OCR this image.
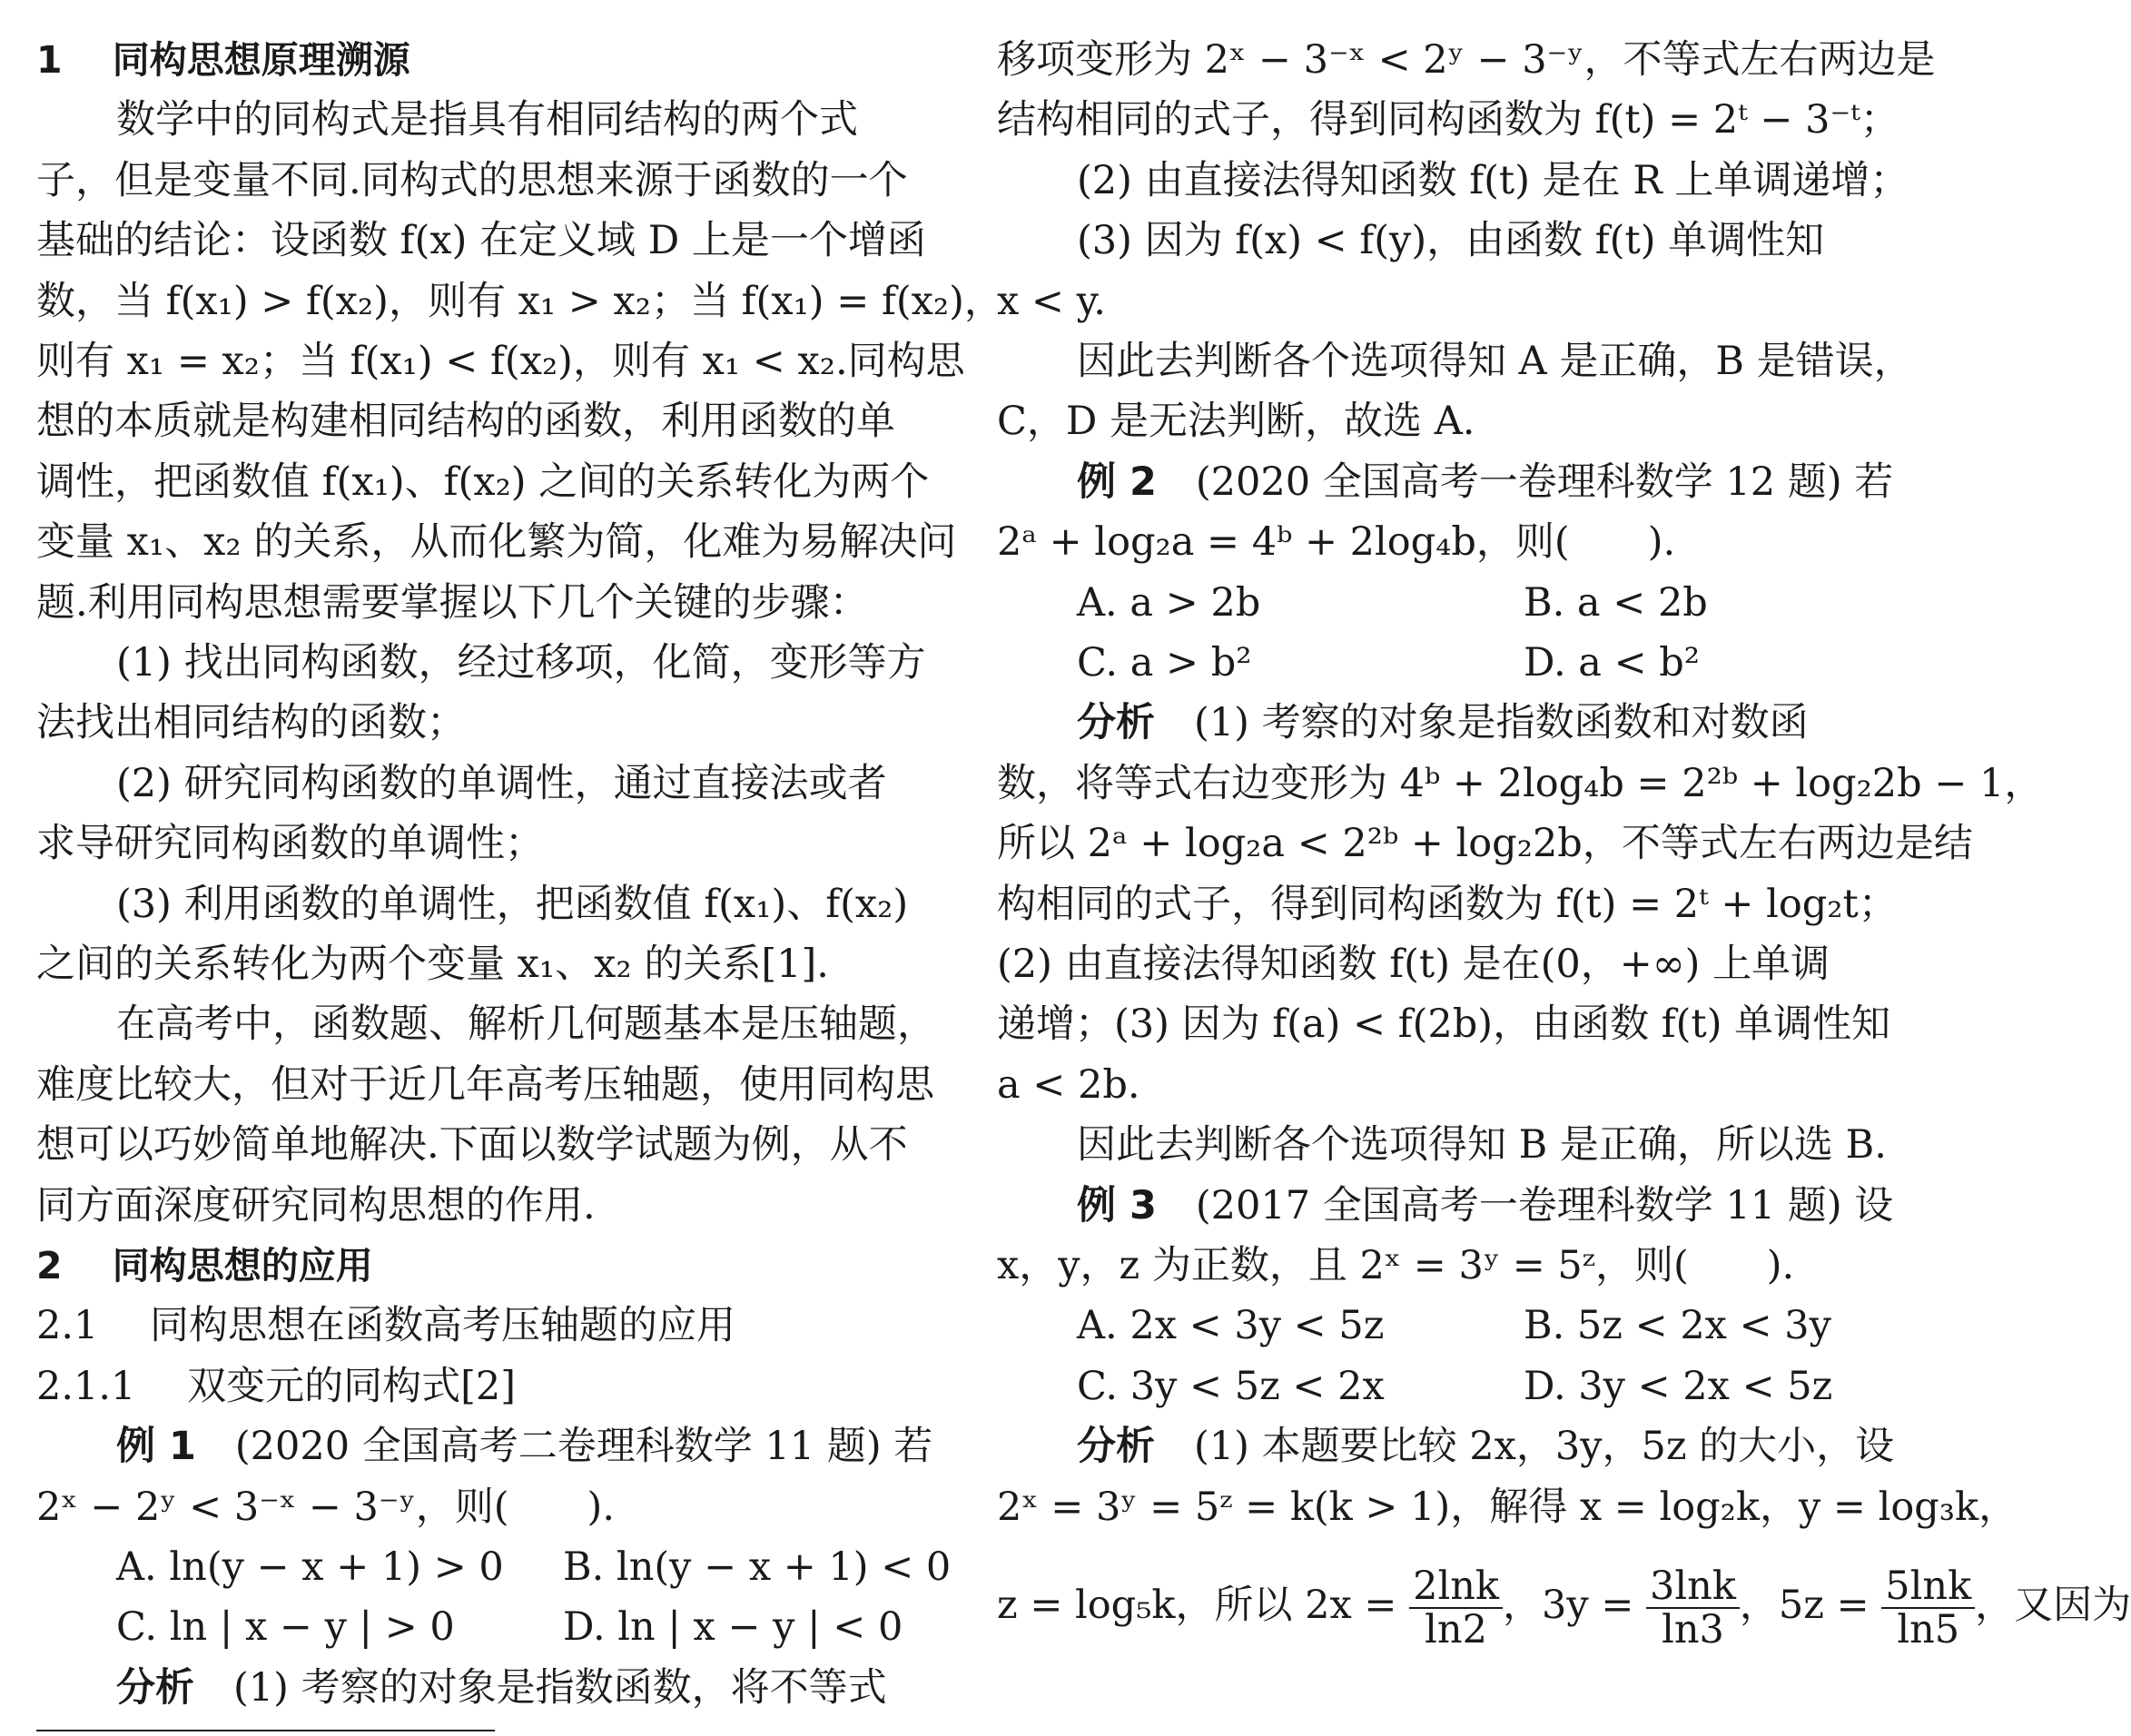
1　 同构思想原理溯源
数学中的同构式是指具有相同结构的两个式
子，但是变量不同.同构式的思想来源于函数的一个
基础的结论：设函数 f(x) 在定义域 D 上是一个增函
数，当 f(x₁) > f(x₂)，则有 x₁ > x₂；当 f(x₁) = f(x₂)，
则有 x₁ = x₂；当 f(x₁) < f(x₂)，则有 x₁ < x₂.同构思
想的本质就是构建相同结构的函数，利用函数的单
调性，把函数值 f(x₁)、f(x₂) 之间的关系转化为两个
变量 x₁、x₂ 的关系，从而化繁为简，化难为易解决问
题.利用同构思想需要掌握以下几个关键的步骤：
(1) 找出同构函数，经过移项，化简，变形等方
法找出相同结构的函数；
(2) 研究同构函数的单调性，通过直接法或者
求导研究同构函数的单调性；
(3) 利用函数的单调性，把函数值 f(x₁)、f(x₂)
之间的关系转化为两个变量 x₁、x₂ 的关系[1].
在高考中，函数题、解析几何题基本是压轴题，
难度比较大，但对于近几年高考压轴题，使用同构思
想可以巧妙简单地解决.下面以数学试题为例，从不
同方面深度研究同构思想的作用.
2　 同构思想的应用
2.1　 同构思想在函数高考压轴题的应用
2.1.1　 双变元的同构式[2]
例 1　(2020 全国高考二卷理科数学 11 题) 若
2ˣ − 2ʸ < 3⁻ˣ − 3⁻ʸ，则(　　).
A. ln(y − x + 1) > 0 B. ln(y − x + 1) < 0
C. ln | x − y | > 0	D. ln | x − y | < 0
分析　(1) 考察的对象是指数函数，将不等式
移项变形为 2ˣ − 3⁻ˣ < 2ʸ − 3⁻ʸ，不等式左右两边是
结构相同的式子，得到同构函数为 f(t) = 2ᵗ − 3⁻ᵗ；
(2) 由直接法得知函数 f(t) 是在 R 上单调递增；
(3) 因为 f(x) < f(y)，由函数 f(t) 单调性知
x < y.
因此去判断各个选项得知 A 是正确，B 是错误，
C，D 是无法判断，故选 A.
例 2　(2020 全国高考一卷理科数学 12 题) 若
2ᵃ + log₂a = 4ᵇ + 2log₄b，则(　　).
A. a > 2b	B. a < 2b
C. a > b²	D. a < b²
分析　(1) 考察的对象是指数函数和对数函
数，将等式右边变形为 4ᵇ + 2log₄b = 2²ᵇ + log₂2b − 1，
所以 2ᵃ + log₂a < 2²ᵇ + log₂2b，不等式左右两边是结
构相同的式子，得到同构函数为 f(t) = 2ᵗ + log₂t；
(2) 由直接法得知函数 f(t) 是在(0，+∞) 上单调
递增；(3) 因为 f(a) < f(2b)，由函数 f(t) 单调性知
a < 2b.
因此去判断各个选项得知 B 是正确，所以选 B.
例 3　(2017 全国高考一卷理科数学 11 题) 设
x，y，z 为正数，且 2ˣ = 3ʸ = 5ᶻ，则(　　).
A. 2x < 3y < 5z	B. 5z < 2x < 3y
C. 3y < 5z < 2x	D. 3y < 2x < 5z
分析　(1) 本题要比较 2x，3y，5z 的大小，设
2ˣ = 3ʸ = 5ᶻ = k(k > 1)，解得 x = log₂k，y = log₃k，
z = log₅k，所以 $2x = \frac{2\ln k}{\ln 2}$ ，$3y = \frac{3\ln k}{\ln 3}$ ，$5z = \frac{5\ln k}{\ln 5}$ ，又因为
